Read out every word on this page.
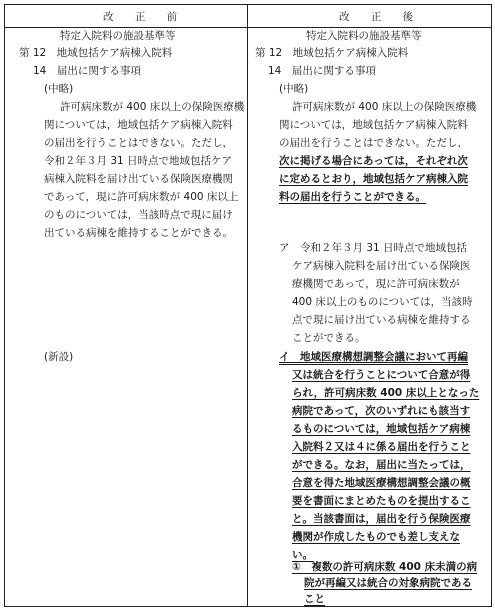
改 正 前	改 正 後
特定入院料の施設基準等
第 12　地域包括ケア病棟入院料
14　届出に関する事項
(中略)
許可病床数が 400 床以上の保険医療機
関については，地域包括ケア病棟入院料
の届出を行うことはできない。ただし，
令和２年３月 31 日時点で地域包括ケア
病棟入院料を届け出ている保険医療機関
であって，現に許可病床数が 400 床以上
のものについては，当該時点で現に届け
出ている病棟を維持することができる。
(新設)
特定入院料の施設基準等
第 12　地域包括ケア病棟入院料
14　届出に関する事項
(中略)
許可病床数が 400 床以上の保険医療機
関については，地域包括ケア病棟入院料
の届出を行うことはできない。ただし，
次に掲げる場合にあっては，それぞれ次
に定めるとおり，地域包括ケア病棟入院
料の届出を行うことができる。
ア　令和２年３月 31 日時点で地域包括
ケア病棟入院料を届け出ている保険医
療機関であって，現に許可病床数が
400 床以上のものについては，当該時
点で現に届け出ている病棟を維持する
ことができる。
イ　地域医療構想調整会議において再編
又は統合を行うことについて合意が得
られ，許可病床数 400 床以上となった
病院であって，次のいずれにも該当す
るものについては，地域包括ケア病棟
入院料２又は４に係る届出を行うこと
ができる。なお，届出に当たっては，
合意を得た地域医療構想調整会議の概
要を書面にまとめたものを提出するこ
と。当該書面は，届出を行う保険医療
機関が作成したものでも差し支えな
い。
①　複数の許可病床数 400 床未満の病
院が再編又は統合の対象病院である
こと
